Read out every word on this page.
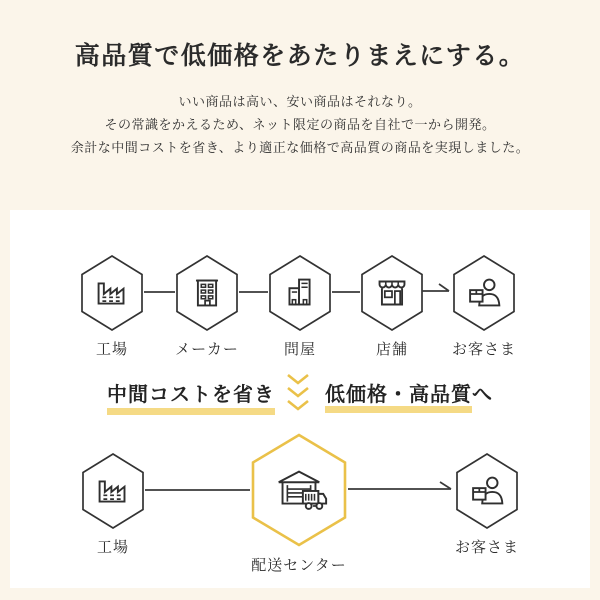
高品質で低価格をあたりまえにする。

いい商品は高い、安い商品はそれなり。

その常識をかえるため、ネット限定の商品を自社で一から開発。

余計な中間コストを省き、より適正な価格で高品質の商品を実現しました。

工場	メーカー	問屋	店舗	お客さま
中間コストを省き	低価格・高品質へ
工場
配送センター
お客さま
